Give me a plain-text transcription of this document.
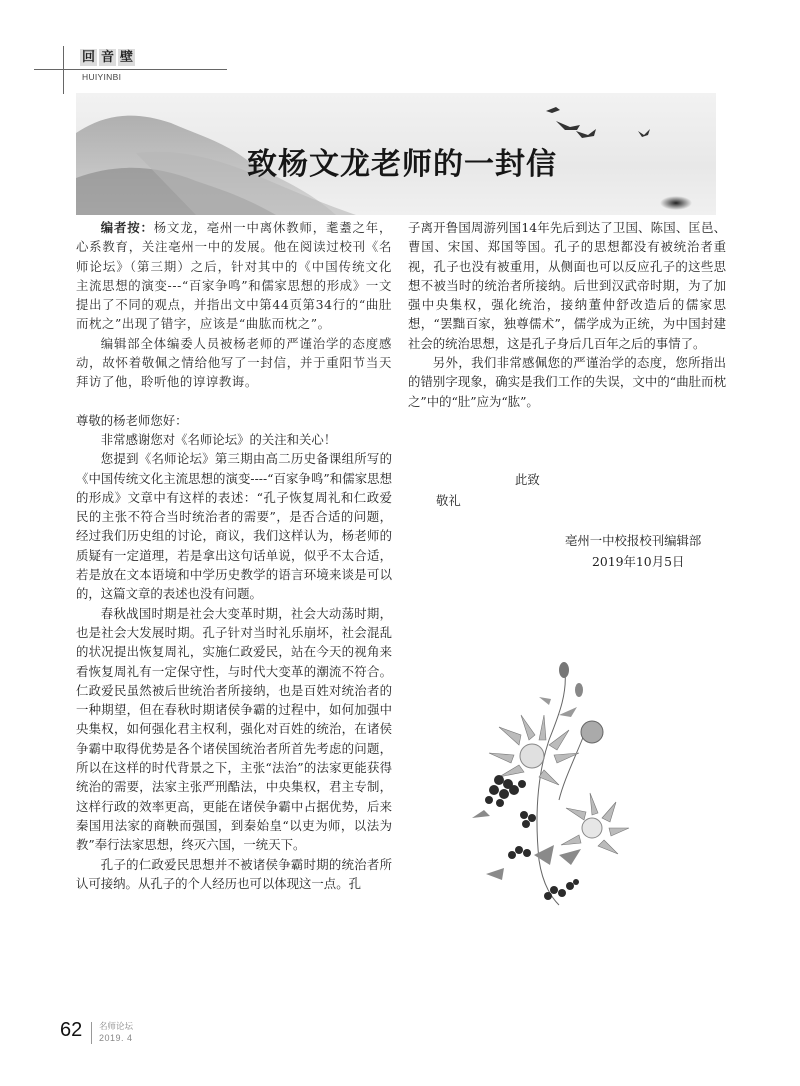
回 音 壁
HUIYINBI
致杨文龙老师的一封信

编者按：杨文龙，亳州一中离休教师，耄耋之年，心系教育，关注亳州一中的发展。他在阅读过校刊《名师论坛》（第三期）之后，针对其中的《中国传统文化主流思想的演变---“百家争鸣”和儒家思想的形成》一文提出了不同的观点，并指出文中第44页第34行的“曲肚而枕之”出现了错字，应该是“曲肱而枕之”。

编辑部全体编委人员被杨老师的严谨治学的态度感动，故怀着敬佩之情给他写了一封信，并于重阳节当天拜访了他，聆听他的谆谆教诲。

尊敬的杨老师您好：

非常感谢您对《名师论坛》的关注和关心！

您提到《名师论坛》第三期由高二历史备课组所写的《中国传统文化主流思想的演变----“百家争鸣”和儒家思想的形成》文章中有这样的表述：“孔子恢复周礼和仁政爱民的主张不符合当时统治者的需要”，是否合适的问题，经过我们历史组的讨论，商议，我们这样认为，杨老师的质疑有一定道理，若是拿出这句话单说，似乎不太合适，若是放在文本语境和中学历史教学的语言环境来谈是可以的，这篇文章的表述也没有问题。

春秋战国时期是社会大变革时期，社会大动荡时期，也是社会大发展时期。孔子针对当时礼乐崩坏，社会混乱的状况提出恢复周礼，实施仁政爱民，站在今天的视角来看恢复周礼有一定保守性，与时代大变革的潮流不符合。仁政爱民虽然被后世统治者所接纳，也是百姓对统治者的一种期望，但在春秋时期诸侯争霸的过程中，如何加强中央集权，如何强化君主权利，强化对百姓的统治，在诸侯争霸中取得优势是各个诸侯国统治者所首先考虑的问题，所以在这样的时代背景之下，主张“法治”的法家更能获得统治的需要，法家主张严刑酷法，中央集权，君主专制，这样行政的效率更高，更能在诸侯争霸中占据优势，后来秦国用法家的商鞅而强国，到秦始皇“以吏为师，以法为教”奉行法家思想，终灭六国，一统天下。

孔子的仁政爱民思想并不被诸侯争霸时期的统治者所认可接纳。从孔子的个人经历也可以体现这一点。孔

子离开鲁国周游列国14年先后到达了卫国、陈国、匡邑、曹国、宋国、郑国等国。孔子的思想都没有被统治者重视，孔子也没有被重用，从侧面也可以反应孔子的这些思想不被当时的统治者所接纳。后世到汉武帝时期，为了加强中央集权，强化统治，接纳董仲舒改造后的儒家思想，“罢黜百家，独尊儒术”，儒学成为正统，为中国封建社会的统治思想，这是孔子身后几百年之后的事情了。

另外，我们非常感佩您的严谨治学的态度，您所指出的错别字现象，确实是我们工作的失误，文中的“曲肚而枕之”中的“肚”应为“肱”。

此致
敬礼
亳州一中校报校刊编辑部
2019年10月5日
62 名师论坛
2019. 4
